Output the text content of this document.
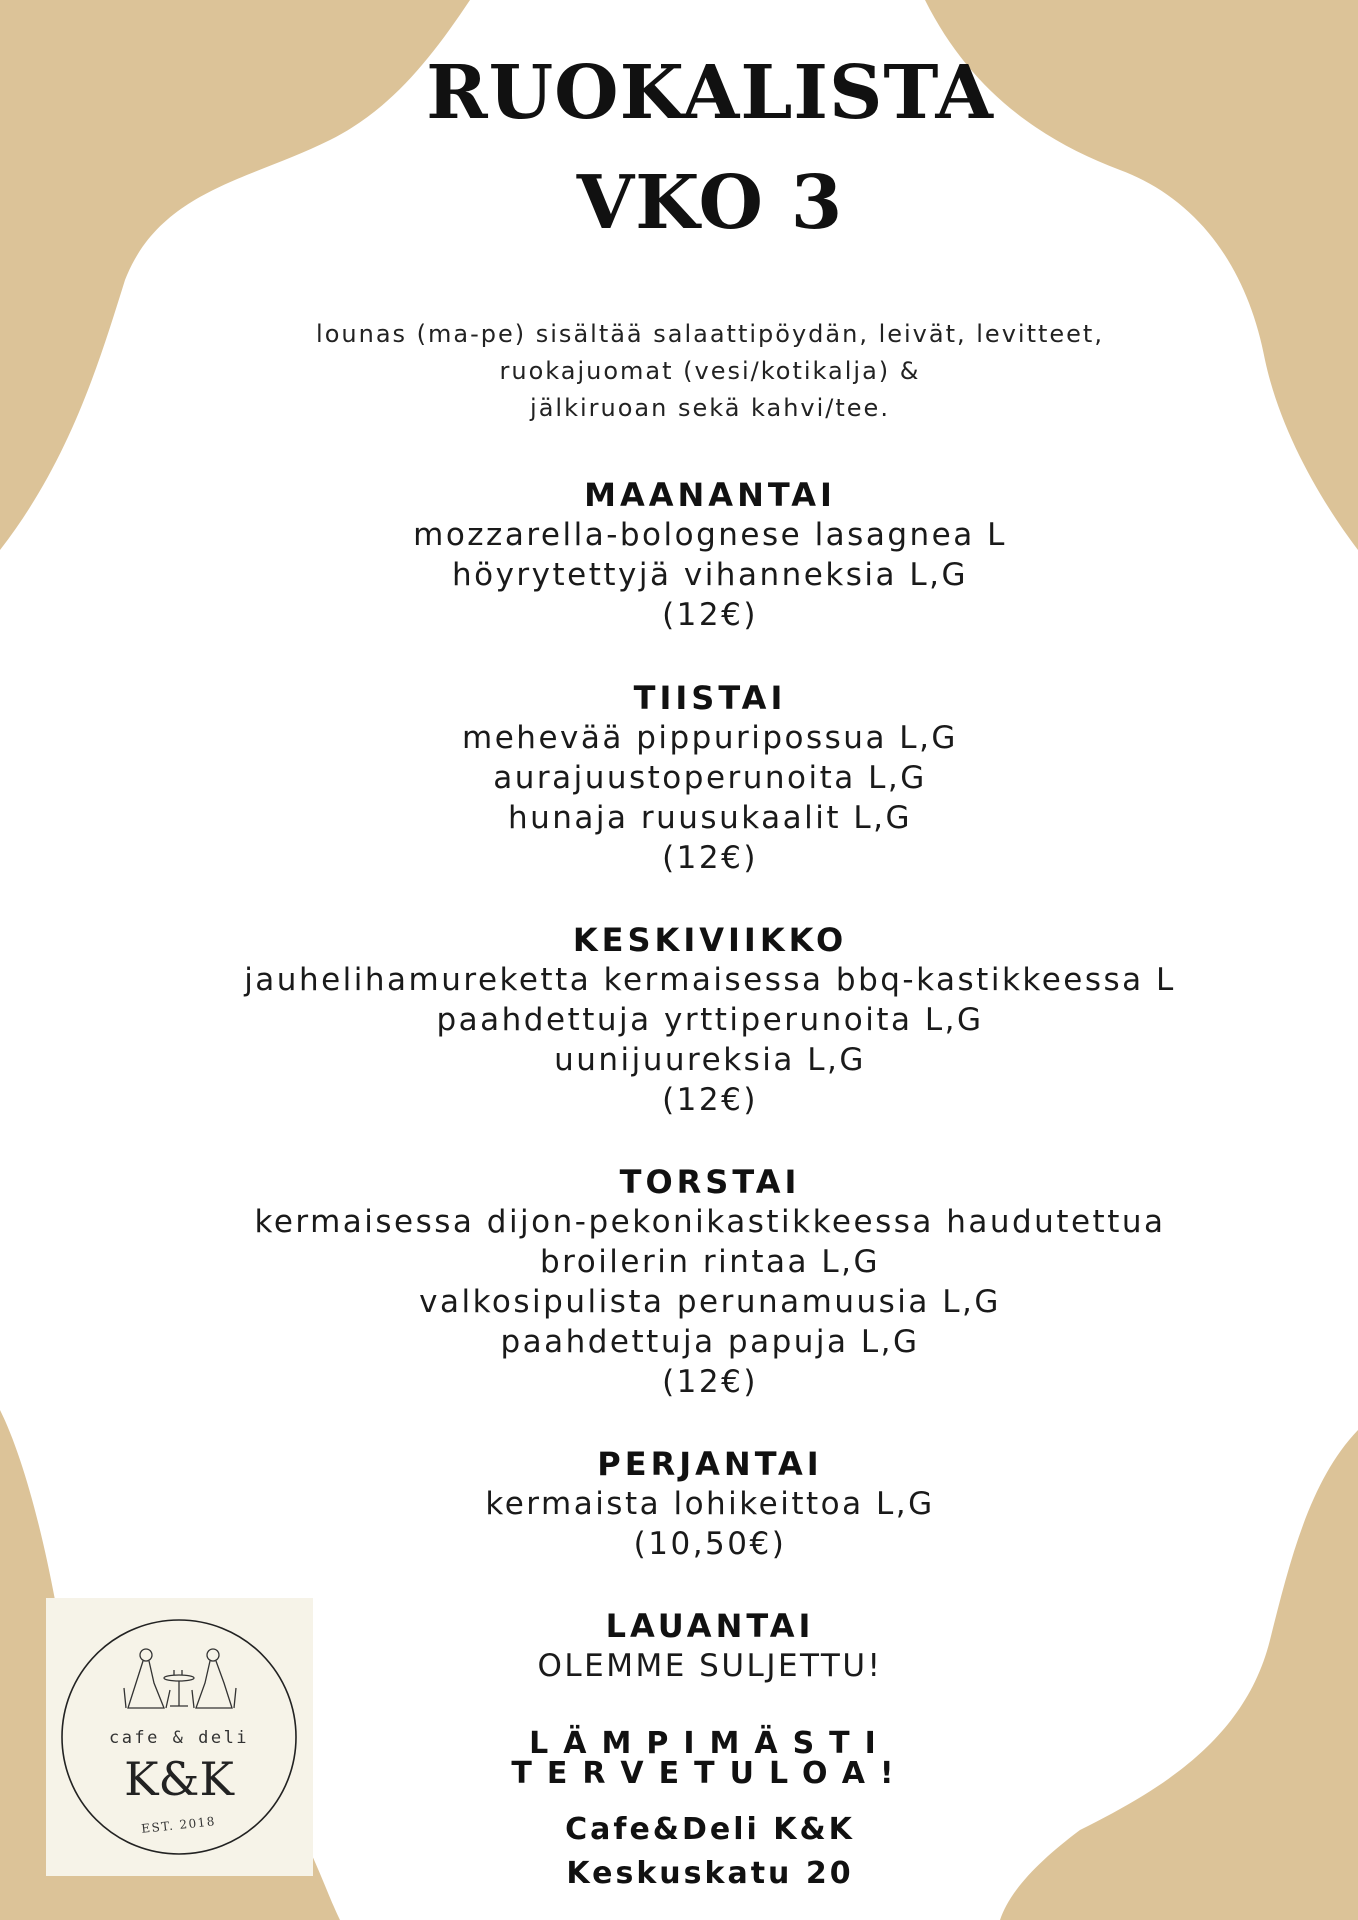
RUOKALISTA
VKO 3
lounas (ma-pe) sisältää salaattipöydän, leivät, levitteet,
ruokajuomat (vesi/kotikalja) &
jälkiruoan sekä kahvi/tee.
MAANANTAI
mozzarella-bolognese lasagnea L
höyrytettyjä vihanneksia L,G
(12€)
TIISTAI
mehevää pippuripossua L,G
aurajuustoperunoita L,G
hunaja ruusukaalit L,G
(12€)
KESKIVIIKKO
jauhelihamureketta kermaisessa bbq-kastikkeessa L
paahdettuja yrttiperunoita L,G
uunijuureksia L,G
(12€)
TORSTAI
kermaisessa dijon-pekonikastikkeessa haudutettua
broilerin rintaa L,G
valkosipulista perunamuusia L,G
paahdettuja papuja L,G
(12€)
PERJANTAI
kermaista lohikeittoa L,G
(10,50€)
LAUANTAI
OLEMME SULJETTU!
LÄMPIMÄSTI
TERVETULOA!
Cafe&Deli K&K
Keskuskatu 20
cafe & deli
K&K
EST. 2018
